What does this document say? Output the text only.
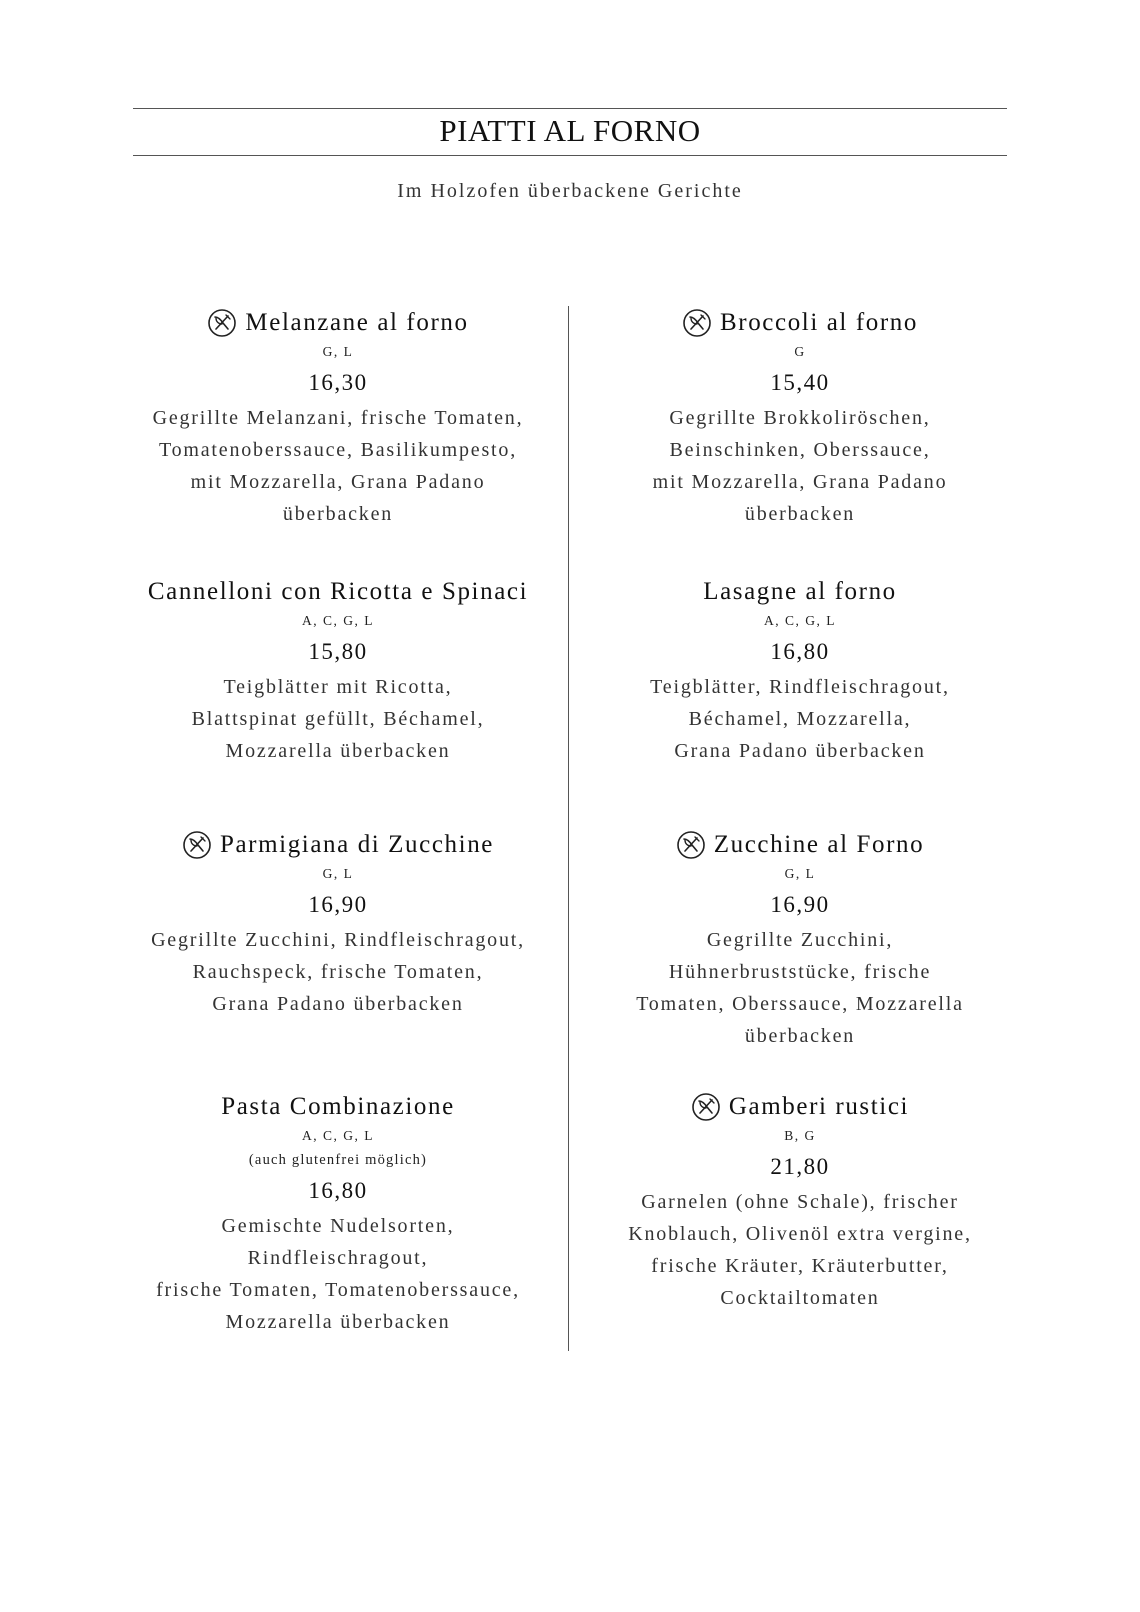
PIATTI AL FORNO
Im Holzofen überbackene Gerichte
Melanzane al forno
G, L
16,30
Gegrillte Melanzani, frische Tomaten,
Tomatenoberssauce, Basilikumpesto,
mit Mozzarella, Grana Padano
überbacken
Broccoli al forno
G
15,40
Gegrillte Brokkoliröschen,
Beinschinken, Oberssauce,
mit Mozzarella, Grana Padano
überbacken
Cannelloni con Ricotta e Spinaci
A, C, G, L
15,80
Teigblätter mit Ricotta,
Blattspinat gefüllt, Béchamel,
Mozzarella überbacken
Lasagne al forno
A, C, G, L
16,80
Teigblätter, Rindfleischragout,
Béchamel, Mozzarella,
Grana Padano überbacken
Parmigiana di Zucchine
G, L
16,90
Gegrillte Zucchini, Rindfleischragout,
Rauchspeck, frische Tomaten,
Grana Padano überbacken
Zucchine al Forno
G, L
16,90
Gegrillte Zucchini,
Hühnerbruststücke, frische
Tomaten, Oberssauce, Mozzarella
überbacken
Pasta Combinazione
A, C, G, L
(auch glutenfrei möglich)
16,80
Gemischte Nudelsorten,
Rindfleischragout,
frische Tomaten, Tomatenoberssauce,
Mozzarella überbacken
Gamberi rustici
B, G
21,80
Garnelen (ohne Schale), frischer
Knoblauch, Olivenöl extra vergine,
frische Kräuter, Kräuterbutter,
Cocktailtomaten
